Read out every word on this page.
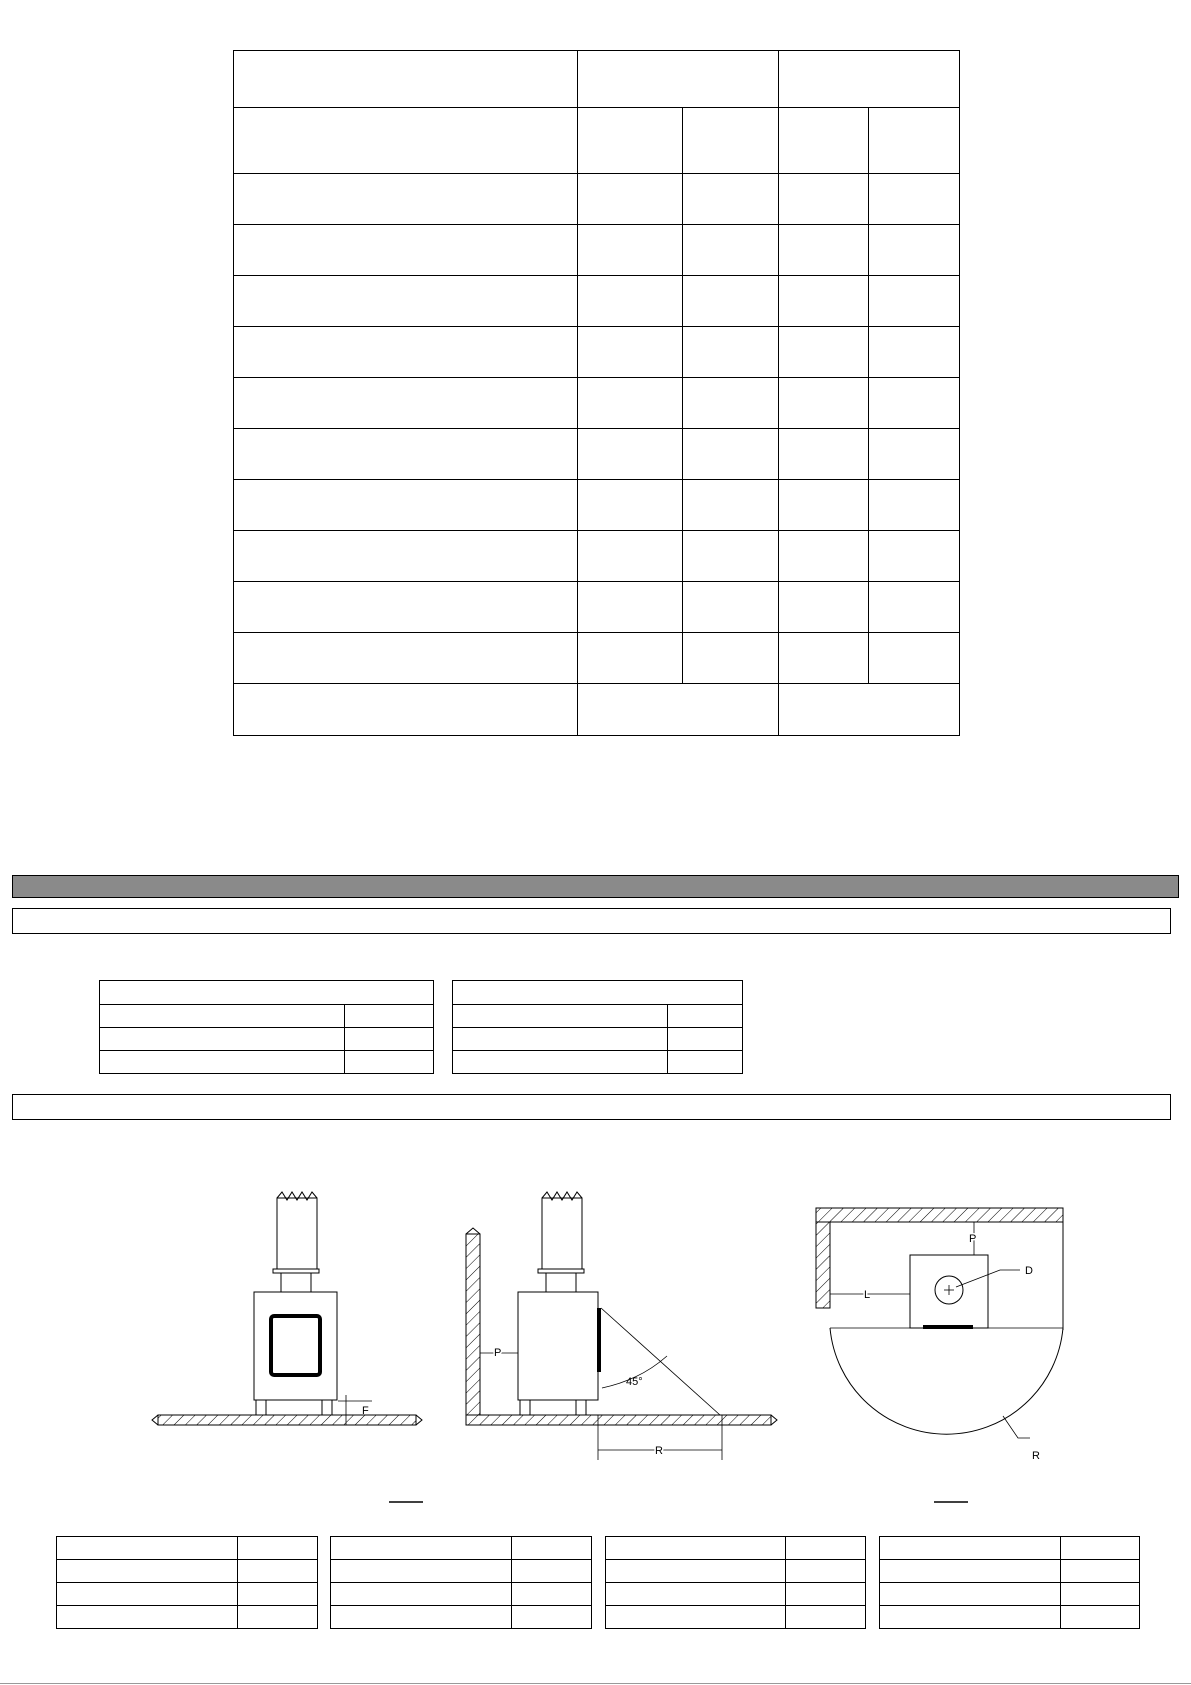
F
P
45°
R
P
L
D
R
